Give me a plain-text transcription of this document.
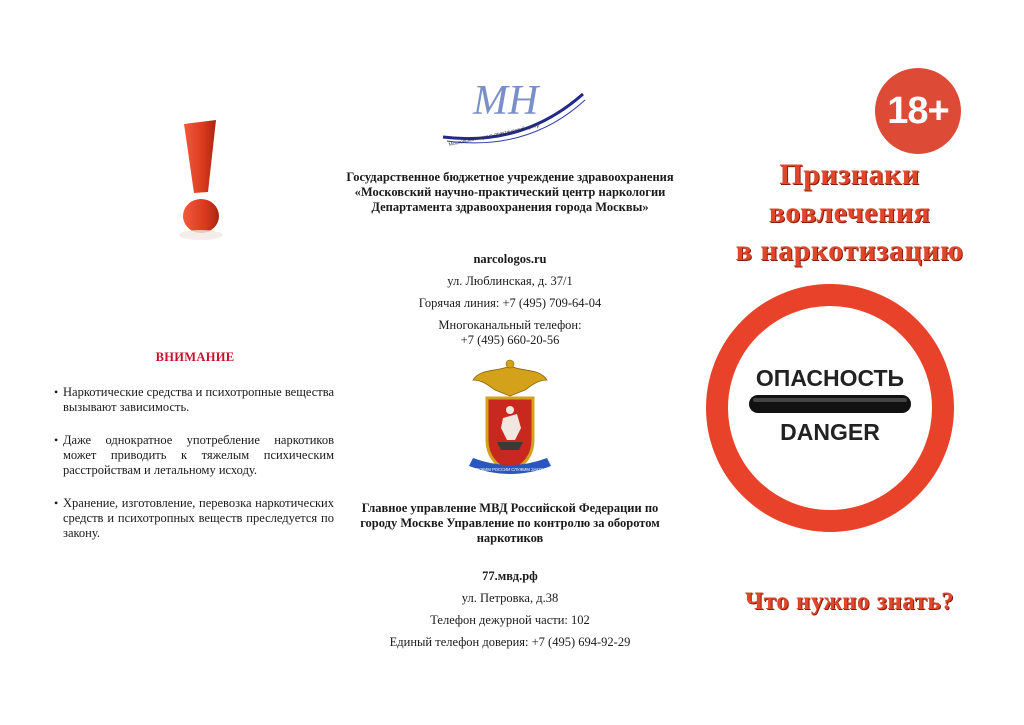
ВНИМАНИЕ
• Наркотические средства и психотропные вещества вызывают зависимость.
• Даже однократное употребление наркотиков может приводить к тяжелым психическим расстройствам и летальному исходу.
• Хранение, изготовление, перевозка наркотических средств и психотропных веществ преследуется по закону.
MH
Московский научно-практический центр
Государственное бюджетное учреждение здравоохранения «Московский научно-практический центр наркологии Департамента здравоохранения города Москвы»
narcologos.ru
ул. Люблинская, д. 37/1
Горячая линия: +7 (495) 709-64-04
Многоканальный телефон:
+7 (495) 660-20-56
СЛУЖИМ РОССИИ СЛУЖИМ ЗАКОНУ
Главное управление МВД Российской Федерации по городу Москве Управление по контролю за оборотом наркотиков
77.мвд.рф
ул. Петровка, д.38
Телефон дежурной части: 102
Единый телефон доверия: +7 (495) 694-92-29
18+
Признаки
вовлечения
в наркотизацию
ОПАСНОСТЬ
DANGER
Что нужно знать?
